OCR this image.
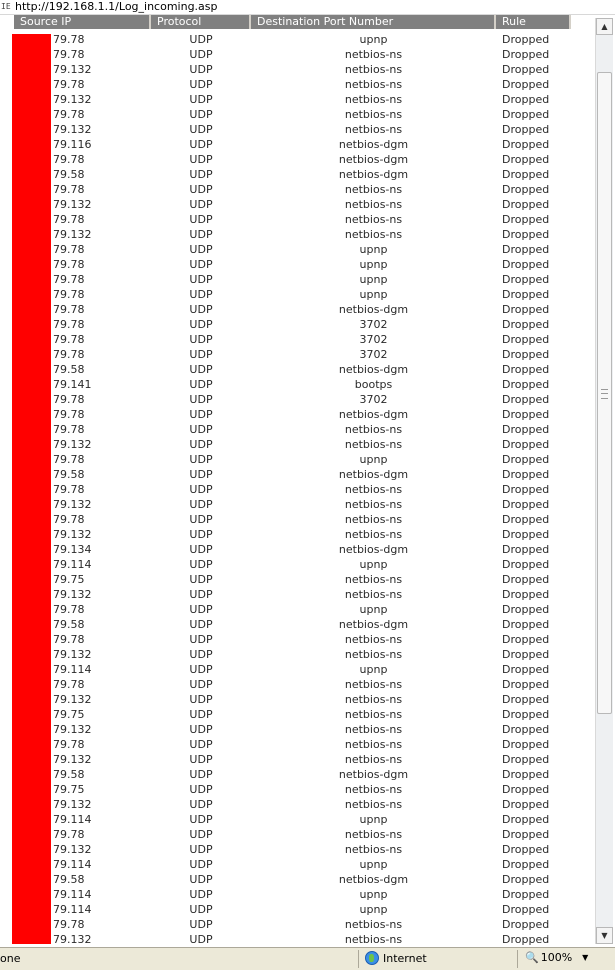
IE http://192.168.1.1/Log_incoming.asp
Source IP	Protocol	Destination Port Number	Rule
79.78	UDP	upnp	Dropped
79.78	UDP	netbios-ns	Dropped
79.132	UDP	netbios-ns	Dropped
79.78	UDP	netbios-ns	Dropped
79.132	UDP	netbios-ns	Dropped
79.78	UDP	netbios-ns	Dropped
79.132	UDP	netbios-ns	Dropped
79.116	UDP	netbios-dgm	Dropped
79.78	UDP	netbios-dgm	Dropped
79.58	UDP	netbios-dgm	Dropped
79.78	UDP	netbios-ns	Dropped
79.132	UDP	netbios-ns	Dropped
79.78	UDP	netbios-ns	Dropped
79.132	UDP	netbios-ns	Dropped
79.78	UDP	upnp	Dropped
79.78	UDP	upnp	Dropped
79.78	UDP	upnp	Dropped
79.78	UDP	upnp	Dropped
79.78	UDP	netbios-dgm	Dropped
79.78	UDP	3702	Dropped
79.78	UDP	3702	Dropped
79.78	UDP	3702	Dropped
79.58	UDP	netbios-dgm	Dropped
79.141	UDP	bootps	Dropped
79.78	UDP	3702	Dropped
79.78	UDP	netbios-dgm	Dropped
79.78	UDP	netbios-ns	Dropped
79.132	UDP	netbios-ns	Dropped
79.78	UDP	upnp	Dropped
79.58	UDP	netbios-dgm	Dropped
79.78	UDP	netbios-ns	Dropped
79.132	UDP	netbios-ns	Dropped
79.78	UDP	netbios-ns	Dropped
79.132	UDP	netbios-ns	Dropped
79.134	UDP	netbios-dgm	Dropped
79.114	UDP	upnp	Dropped
79.75	UDP	netbios-ns	Dropped
79.132	UDP	netbios-ns	Dropped
79.78	UDP	upnp	Dropped
79.58	UDP	netbios-dgm	Dropped
79.78	UDP	netbios-ns	Dropped
79.132	UDP	netbios-ns	Dropped
79.114	UDP	upnp	Dropped
79.78	UDP	netbios-ns	Dropped
79.132	UDP	netbios-ns	Dropped
79.75	UDP	netbios-ns	Dropped
79.132	UDP	netbios-ns	Dropped
79.78	UDP	netbios-ns	Dropped
79.132	UDP	netbios-ns	Dropped
79.58	UDP	netbios-dgm	Dropped
79.75	UDP	netbios-ns	Dropped
79.132	UDP	netbios-ns	Dropped
79.114	UDP	upnp	Dropped
79.78	UDP	netbios-ns	Dropped
79.132	UDP	netbios-ns	Dropped
79.114	UDP	upnp	Dropped
79.58	UDP	netbios-dgm	Dropped
79.114	UDP	upnp	Dropped
79.114	UDP	upnp	Dropped
79.78	UDP	netbios-ns	Dropped
79.132	UDP	netbios-ns	Dropped
▲
▼
one	Internet	🔍 100% ▼
